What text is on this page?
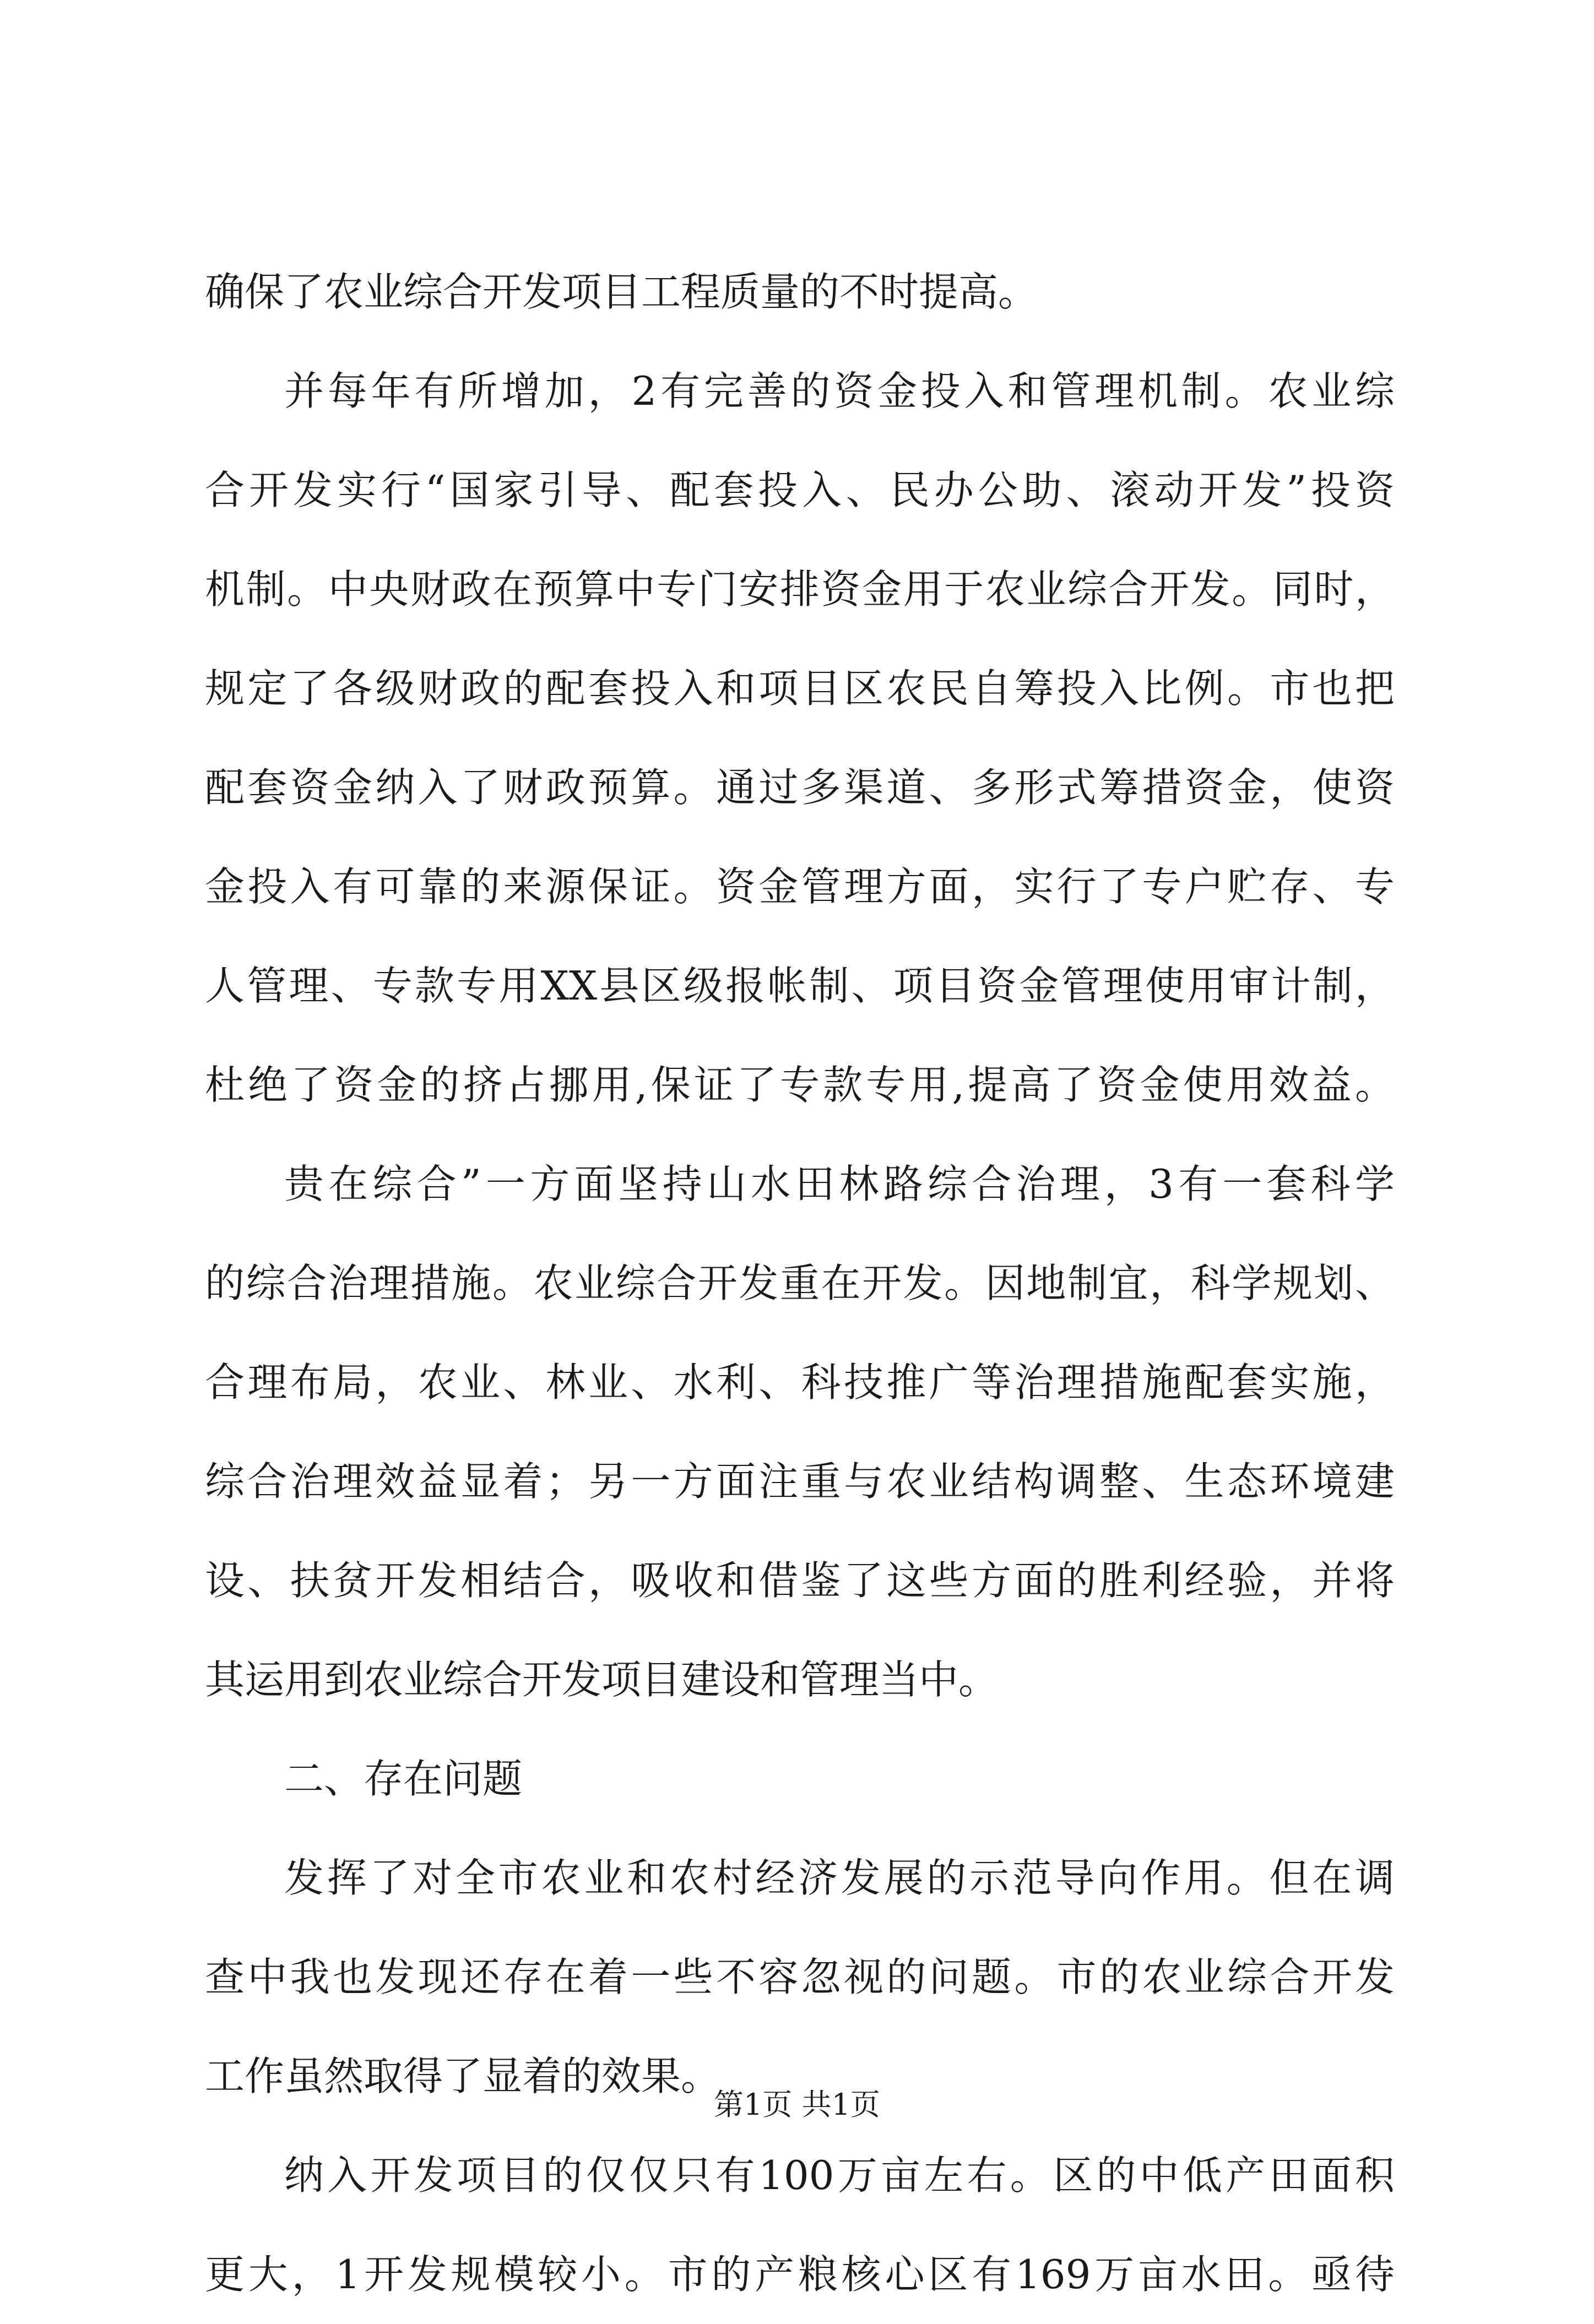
确保了农业综合开发项目工程质量的不时提高。
并每年有所增加，2有完善的资金投入和管理机制。农业综
合开发实行“国家引导、配套投入、民办公助、滚动开发”投资
机制。中央财政在预算中专门安排资金用于农业综合开发。同时，
规定了各级财政的配套投入和项目区农民自筹投入比例。市也把
配套资金纳入了财政预算。通过多渠道、多形式筹措资金，使资
金投入有可靠的来源保证。资金管理方面，实行了专户贮存、专
人管理、专款专用XX县区级报帐制、项目资金管理使用审计制，
杜绝了资金的挤占挪用,保证了专款专用,提高了资金使用效益。
贵在综合”一方面坚持山水田林路综合治理，3有一套科学
的综合治理措施。农业综合开发重在开发。因地制宜，科学规划、
合理布局，农业、林业、水利、科技推广等治理措施配套实施，
综合治理效益显着；另一方面注重与农业结构调整、生态环境建
设、扶贫开发相结合，吸收和借鉴了这些方面的胜利经验，并将
其运用到农业综合开发项目建设和管理当中。
二、存在问题
发挥了对全市农业和农村经济发展的示范导向作用。但在调
查中我也发现还存在着一些不容忽视的问题。市的农业综合开发
工作虽然取得了显着的效果。
纳入开发项目的仅仅只有100万亩左右。区的中低产田面积
更大，1开发规模较小。市的产粮核心区有169万亩水田。亟待
第1页 共1页
